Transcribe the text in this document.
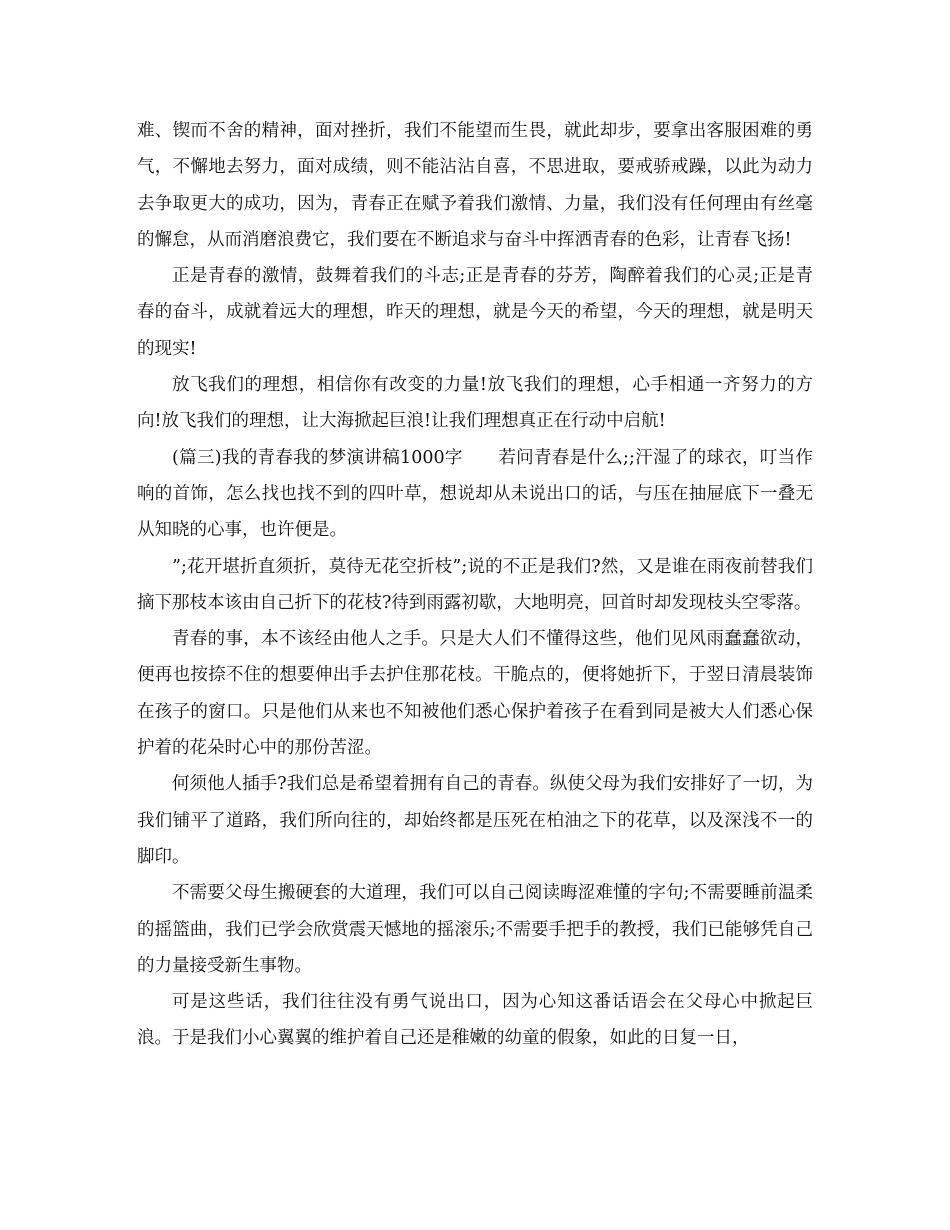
难、锲而不舍的精神，面对挫折，我们不能望而生畏，就此却步，要拿出客服困难的勇气，不懈地去努力，面对成绩，则不能沾沾自喜，不思进取，要戒骄戒躁，以此为动力去争取更大的成功，因为，青春正在赋予着我们激情、力量，我们没有任何理由有丝毫的懈怠，从而消磨浪费它，我们要在不断追求与奋斗中挥洒青春的色彩，让青春飞扬!

正是青春的激情，鼓舞着我们的斗志;正是青春的芬芳，陶醉着我们的心灵;正是青春的奋斗，成就着远大的理想，昨天的理想，就是今天的希望，今天的理想，就是明天的现实!

放飞我们的理想，相信你有改变的力量!放飞我们的理想，心手相通一齐努力的方向!放飞我们的理想，让大海掀起巨浪!让我们理想真正在行动中启航!

(篇三)我的青春我的梦演讲稿1000字　　若问青春是什么;;汗湿了的球衣，叮当作响的首饰，怎么找也找不到的四叶草，想说却从未说出口的话，与压在抽屉底下一叠无从知晓的心事，也许便是。

”;花开堪折直须折，莫待无花空折枝”;说的不正是我们?然，又是谁在雨夜前替我们摘下那枝本该由自己折下的花枝?待到雨露初歇，大地明亮，回首时却发现枝头空零落。

青春的事，本不该经由他人之手。只是大人们不懂得这些，他们见风雨蠢蠢欲动，便再也按捺不住的想要伸出手去护住那花枝。干脆点的，便将她折下，于翌日清晨装饰在孩子的窗口。只是他们从来也不知被他们悉心保护着孩子在看到同是被大人们悉心保护着的花朵时心中的那份苦涩。

何须他人插手?我们总是希望着拥有自己的青春。纵使父母为我们安排好了一切，为我们铺平了道路，我们所向往的，却始终都是压死在柏油之下的花草，以及深浅不一的脚印。

不需要父母生搬硬套的大道理，我们可以自己阅读晦涩难懂的字句;不需要睡前温柔的摇篮曲，我们已学会欣赏震天憾地的摇滚乐;不需要手把手的教授，我们已能够凭自己的力量接受新生事物。

可是这些话，我们往往没有勇气说出口，因为心知这番话语会在父母心中掀起巨浪。于是我们小心翼翼的维护着自己还是稚嫩的幼童的假象，如此的日复一日，
